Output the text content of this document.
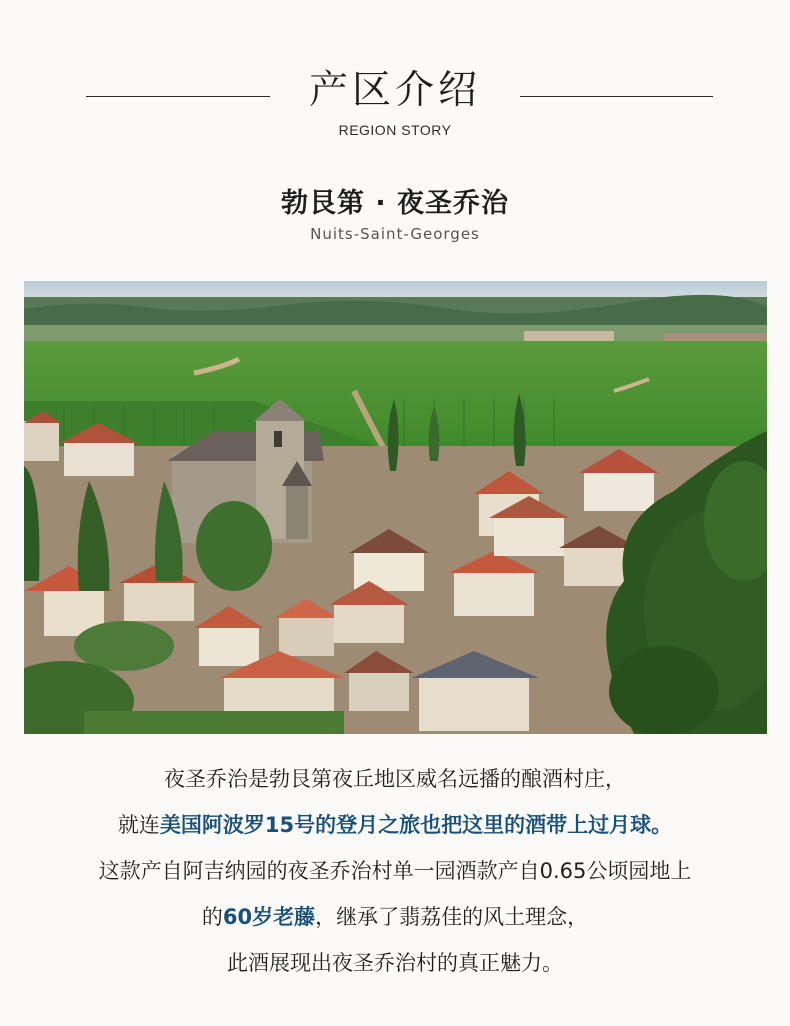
产区介绍
REGION STORY
勃艮第 · 夜圣乔治
Nuits-Saint-Georges
夜圣乔治是勃艮第夜丘地区威名远播的酿酒村庄，
就连美国阿波罗15号的登月之旅也把这里的酒带上过月球。
这款产自阿吉纳园的夜圣乔治村单一园酒款产自0.65公顷园地上
的60岁老藤，继承了翡荔佳的风土理念，
此酒展现出夜圣乔治村的真正魅力。
